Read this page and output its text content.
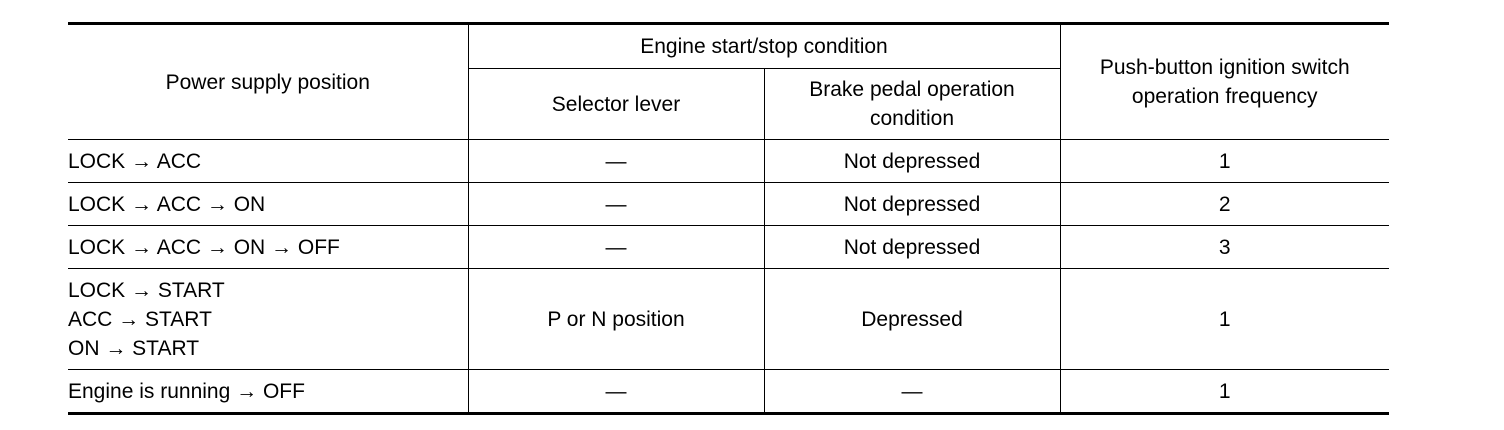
Power supply position	Engine start/stop condition		Push-button ignition switch operation frequency
	Selector lever	Brake pedal operation condition	

LOCK → ACC	—	Not depressed	1

LOCK → ACC → ON	—	Not depressed	2

LOCK → ACC → ON → OFF	—	Not depressed	3

LOCK → START
ACC → START
ON → START	P or N position	Depressed	1

Engine is running → OFF	—	—	1
